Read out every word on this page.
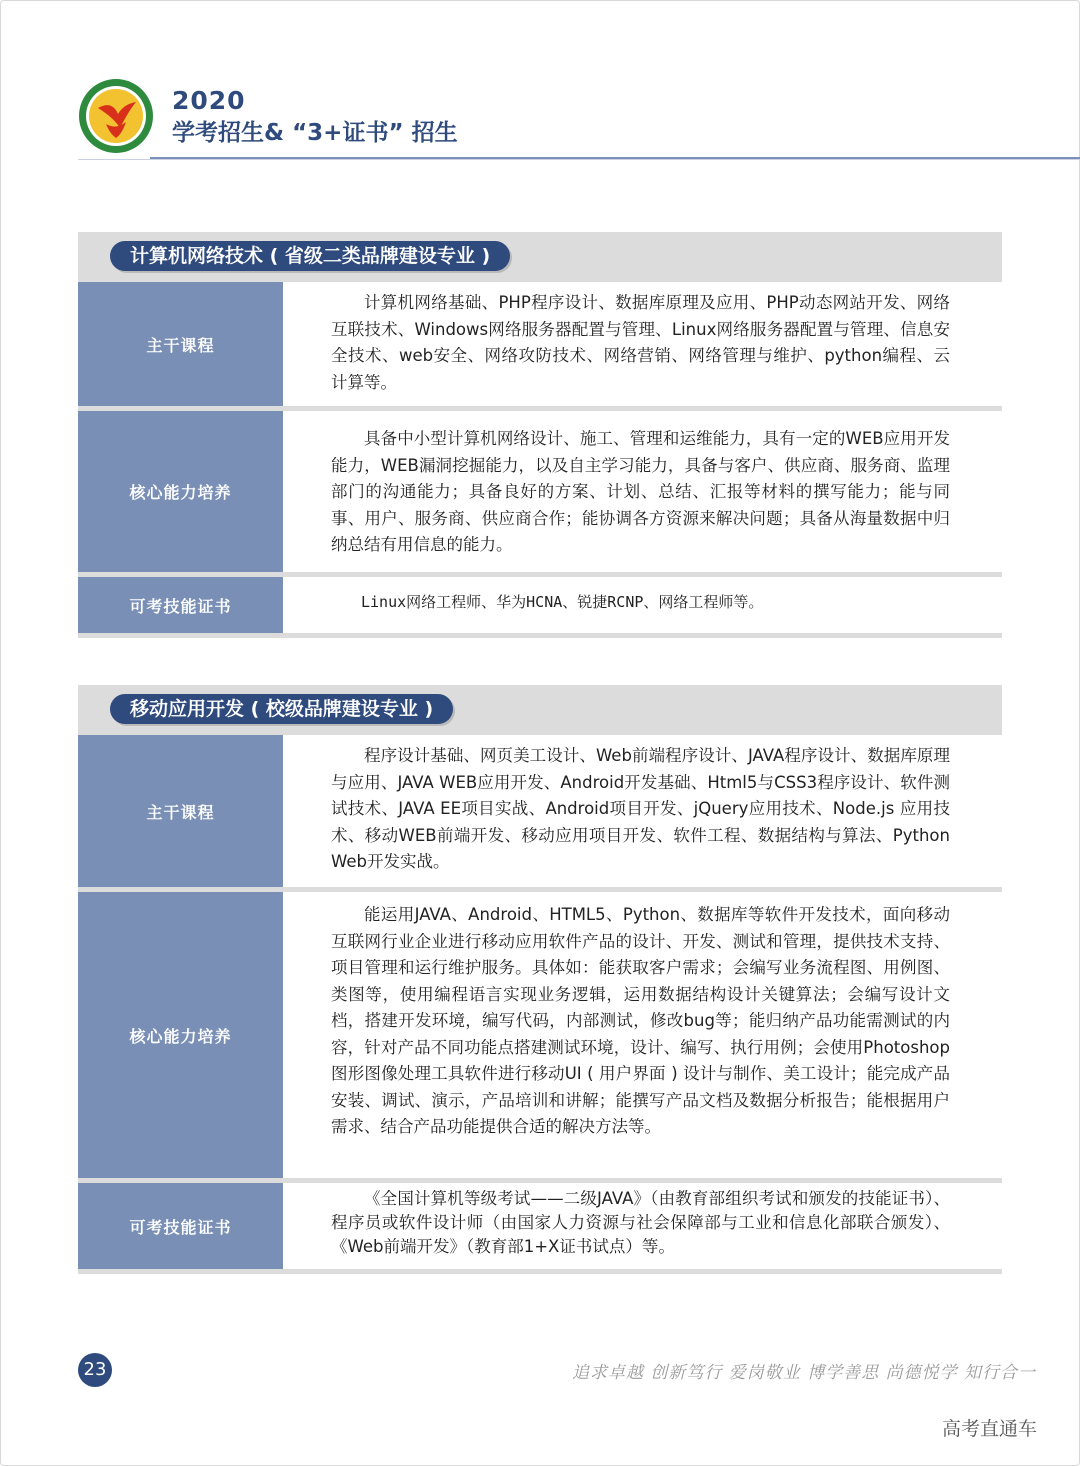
2020
学考招生& “3+证书” 招生
计算机网络技术 ( 省级二类品牌建设专业 )
主干课程
计算机网络基础、PHP程序设计、数据库原理及应用、PHP动态网站开发、网络互联技术、Windows网络服务器配置与管理、Linux网络服务器配置与管理、信息安全技术、web安全、网络攻防技术、网络营销、网络管理与维护、python编程、云计算等。
核心能力培养
具备中小型计算机网络设计、施工、管理和运维能力，具有一定的WEB应用开发能力，WEB漏洞挖掘能力，以及自主学习能力，具备与客户、供应商、服务商、监理部门的沟通能力；具备良好的方案、计划、总结、汇报等材料的撰写能力；能与同事、用户、服务商、供应商合作；能协调各方资源来解决问题；具备从海量数据中归纳总结有用信息的能力。
可考技能证书	Linux网络工程师、华为HCNA、锐捷RCNP、网络工程师等。
移动应用开发 ( 校级品牌建设专业 )
主干课程
程序设计基础、网页美工设计、Web前端程序设计、JAVA程序设计、数据库原理与应用、JAVA WEB应用开发、Android开发基础、Html5与CSS3程序设计、软件测试技术、JAVA EE项目实战、Android项目开发、jQuery应用技术、Node.js 应用技术、移动WEB前端开发、移动应用项目开发、软件工程、数据结构与算法、Python Web开发实战。
核心能力培养
能运用JAVA、Android、HTML5、Python、数据库等软件开发技术，面向移动互联网行业企业进行移动应用软件产品的设计、开发、测试和管理，提供技术支持、项目管理和运行维护服务。具体如：能获取客户需求；会编写业务流程图、用例图、类图等，使用编程语言实现业务逻辑，运用数据结构设计关键算法；会编写设计文档，搭建开发环境，编写代码，内部测试，修改bug等；能归纳产品功能需测试的内容，针对产品不同功能点搭建测试环境，设计、编写、执行用例；会使用Photoshop图形图像处理工具软件进行移动UI ( 用户界面 ) 设计与制作、美工设计；能完成产品安装、调试、演示，产品培训和讲解；能撰写产品文档及数据分析报告；能根据用户需求、结合产品功能提供合适的解决方法等。
可考技能证书
《全国计算机等级考试——二级JAVA》（由教育部组织考试和颁发的技能证书）、程序员或软件设计师（由国家人力资源与社会保障部与工业和信息化部联合颁发）、《Web前端开发》（教育部1+X证书试点）等。
23	追求卓越 创新笃行 爱岗敬业 博学善思 尚德悦学 知行合一
高考直通车
